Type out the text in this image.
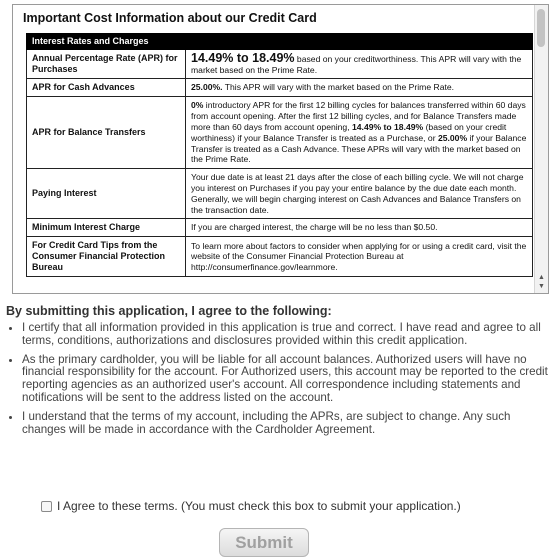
Important Cost Information about our Credit Card
Interest Rates and Charges	
Annual Percentage Rate (APR) for Purchases	14.49% to 18.49% based on your creditworthiness. This APR will vary with the market based on the Prime Rate.
APR for Cash Advances	25.00%. This APR will vary with the market based on the Prime Rate.
APR for Balance Transfers	0% introductory APR for the first 12 billing cycles for balances transferred within 60 days from account opening. After the first 12 billing cycles, and for Balance Transfers made more than 60 days from account opening, 14.49% to 18.49% (based on your credit worthiness) if your Balance Transfer is treated as a Purchase, or 25.00% if your Balance Transfer is treated as a Cash Advance. These APRs will vary with the market based on the Prime Rate.
Paying Interest	Your due date is at least 21 days after the close of each billing cycle. We will not charge you interest on Purchases if you pay your entire balance by the due date each month. Generally, we will begin charging interest on Cash Advances and Balance Transfers on the transaction date.
Minimum Interest Charge	If you are charged interest, the charge will be no less than $0.50.
For Credit Card Tips from the Consumer Financial Protection Bureau	To learn more about factors to consider when applying for or using a credit card, visit the website of the Consumer Financial Protection Bureau at http://consumerfinance.gov/learnmore.
▲
▼
By submitting this application, I agree to the following:
• I certify that all information provided in this application is true and correct. I have read and agree to all terms, conditions, authorizations and disclosures provided within this credit application.
• As the primary cardholder, you will be liable for all account balances. Authorized users will have no financial responsibility for the account. For Authorized users, this account may be reported to the credit reporting agencies as an authorized user's account. All correspondence including statements and notifications will be sent to the address listed on the account.
• I understand that the terms of my account, including the APRs, are subject to change. Any such changes will be made in accordance with the Cardholder Agreement.
I Agree to these terms. (You must check this box to submit your application.)
Submit
